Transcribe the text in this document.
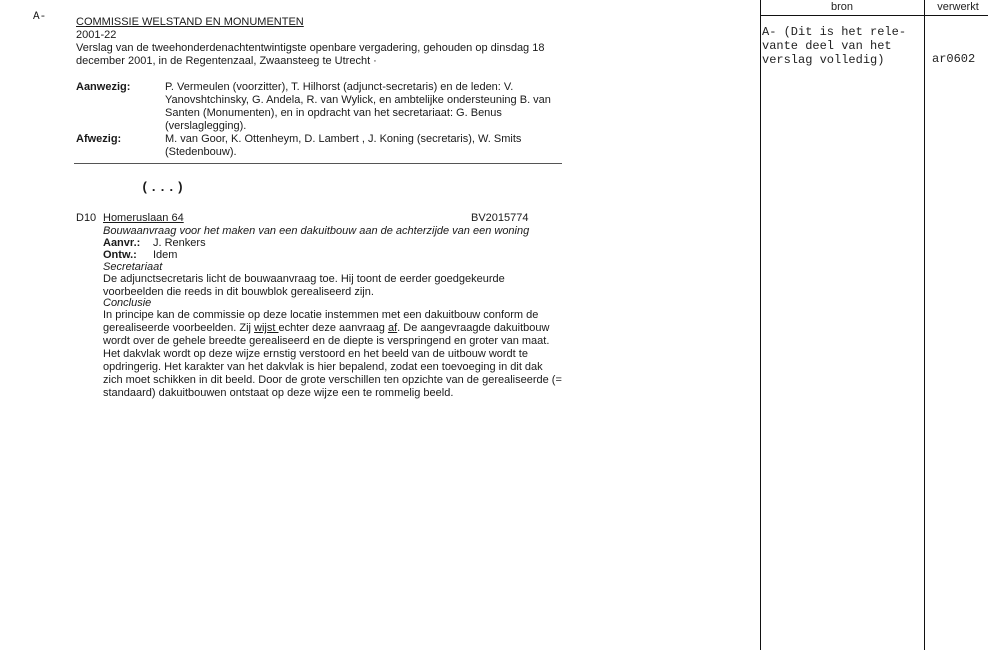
A-	COMMISSIE WELSTAND EN MONUMENTEN
2001-22
Verslag van de tweehonderdenachtentwintigste openbare vergadering, gehouden op dinsdag 18 december 2001, in de Regentenzaal, Zwaansteeg te Utrecht ·
Aanwezig:	P. Vermeulen (voorzitter), T. Hilhorst (adjunct-secretaris) en de leden: V. Yanovshtchinsky, G. Andela, R. van Wylick, en ambtelijke ondersteuning B. van Santen (Monumenten), en in opdracht van het secretariaat: G. Benus (verslaglegging).
Afwezig:	M. van Goor, K. Ottenheym, D. Lambert , J. Koning (secretaris), W. Smits (Stedenbouw).
(...)
D10 Homeruslaan 64	BV2015774
Bouwaanvraag voor het maken van een dakuitbouw aan de achterzijde van een woning
Aanvr.: J. Renkers
Ontw.: Idem
Secretariaat
De adjunctsecretaris licht de bouwaanvraag toe. Hij toont de eerder goedgekeurde voorbeelden die reeds in dit bouwblok gerealiseerd zijn.
Conclusie
In principe kan de commissie op deze locatie instemmen met een dakuitbouw conform de gerealiseerde voorbeelden. Zij wijst echter deze aanvraag af. De aangevraagde dakuitbouw wordt over de gehele breedte gerealiseerd en de diepte is verspringend en groter van maat. Het dakvlak wordt op deze wijze ernstig verstoord en het beeld van de uitbouw wordt te opdringerig. Het karakter van het dakvlak is hier bepalend, zodat een toevoeging in dit dak zich moet schikken in dit beeld. Door de grote verschillen ten opzichte van de gerealiseerde (= standaard) dakuitbouwen ontstaat op deze wijze een te rommelig beeld.
bron	verwerkt
A- (Dit is het rele-
vante deel van het
verslag volledig)	ar0602
